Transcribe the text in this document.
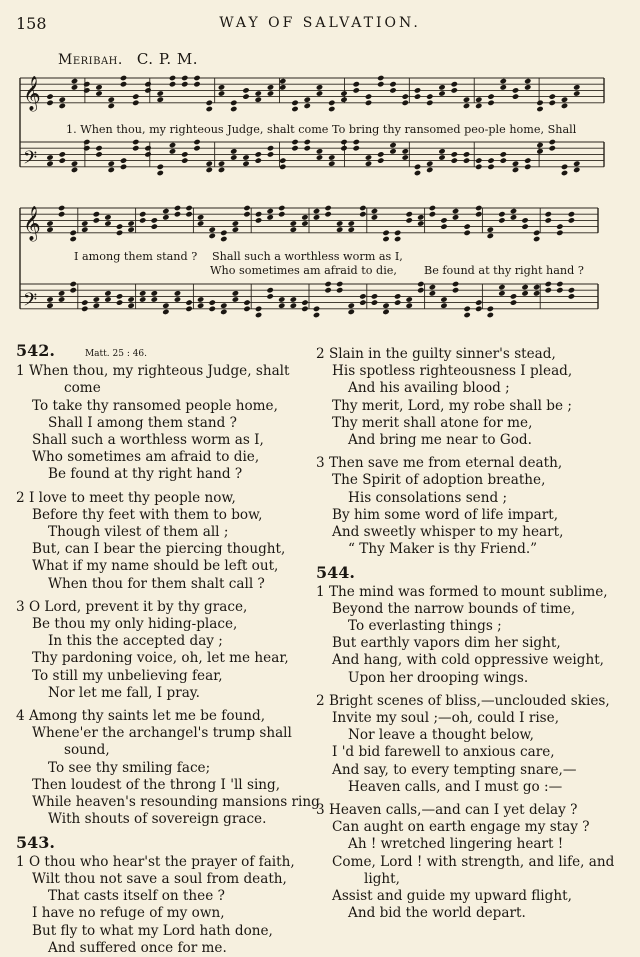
158	WAY OF SALVATION.
Meribah. C. P. M.
𝄞
𝄢
𝄞
𝄢
1. When thou, my righteous Judge, shalt come To bring thy ransomed peo-ple home, Shall
I among them stand ? Shall such a worthless worm as I,
Who sometimes am afraid to die, Be found at thy right hand ?
542.	Matt. 25 : 46.
1 When thou, my righteous Judge, shalt
come
To take thy ransomed people home,
Shall I among them stand ?
Shall such a worthless worm as I,
Who sometimes am afraid to die,
Be found at thy right hand ?
2 I love to meet thy people now,
Before thy feet with them to bow,
Though vilest of them all ;
But, can I bear the piercing thought,
What if my name should be left out,
When thou for them shalt call ?
3 O Lord, prevent it by thy grace,
Be thou my only hiding-place,
In this the accepted day ;
Thy pardoning voice, oh, let me hear,
To still my unbelieving fear,
Nor let me fall, I pray.
4 Among thy saints let me be found,
Whene'er the archangel's trump shall
sound,
To see thy smiling face;
Then loudest of the throng I 'll sing,
While heaven's resounding mansions ring
With shouts of sovereign grace.
543.
1 O thou who hear'st the prayer of faith,
Wilt thou not save a soul from death,
That casts itself on thee ?
I have no refuge of my own,
But fly to what my Lord hath done,
And suffered once for me.
2 Slain in the guilty sinner's stead,
His spotless righteousness I plead,
And his availing blood ;
Thy merit, Lord, my robe shall be ;
Thy merit shall atone for me,
And bring me near to God.
3 Then save me from eternal death,
The Spirit of adoption breathe,
His consolations send ;
By him some word of life impart,
And sweetly whisper to my heart,
“ Thy Maker is thy Friend.”
544.
1 The mind was formed to mount sublime,
Beyond the narrow bounds of time,
To everlasting things ;
But earthly vapors dim her sight,
And hang, with cold oppressive weight,
Upon her drooping wings.
2 Bright scenes of bliss,—unclouded skies,
Invite my soul ;—oh, could I rise,
Nor leave a thought below,
I 'd bid farewell to anxious care,
And say, to every tempting snare,—
Heaven calls, and I must go :—
3 Heaven calls,—and can I yet delay ?
Can aught on earth engage my stay ?
Ah ! wretched lingering heart !
Come, Lord ! with strength, and life, and
light,
Assist and guide my upward flight,
And bid the world depart.
